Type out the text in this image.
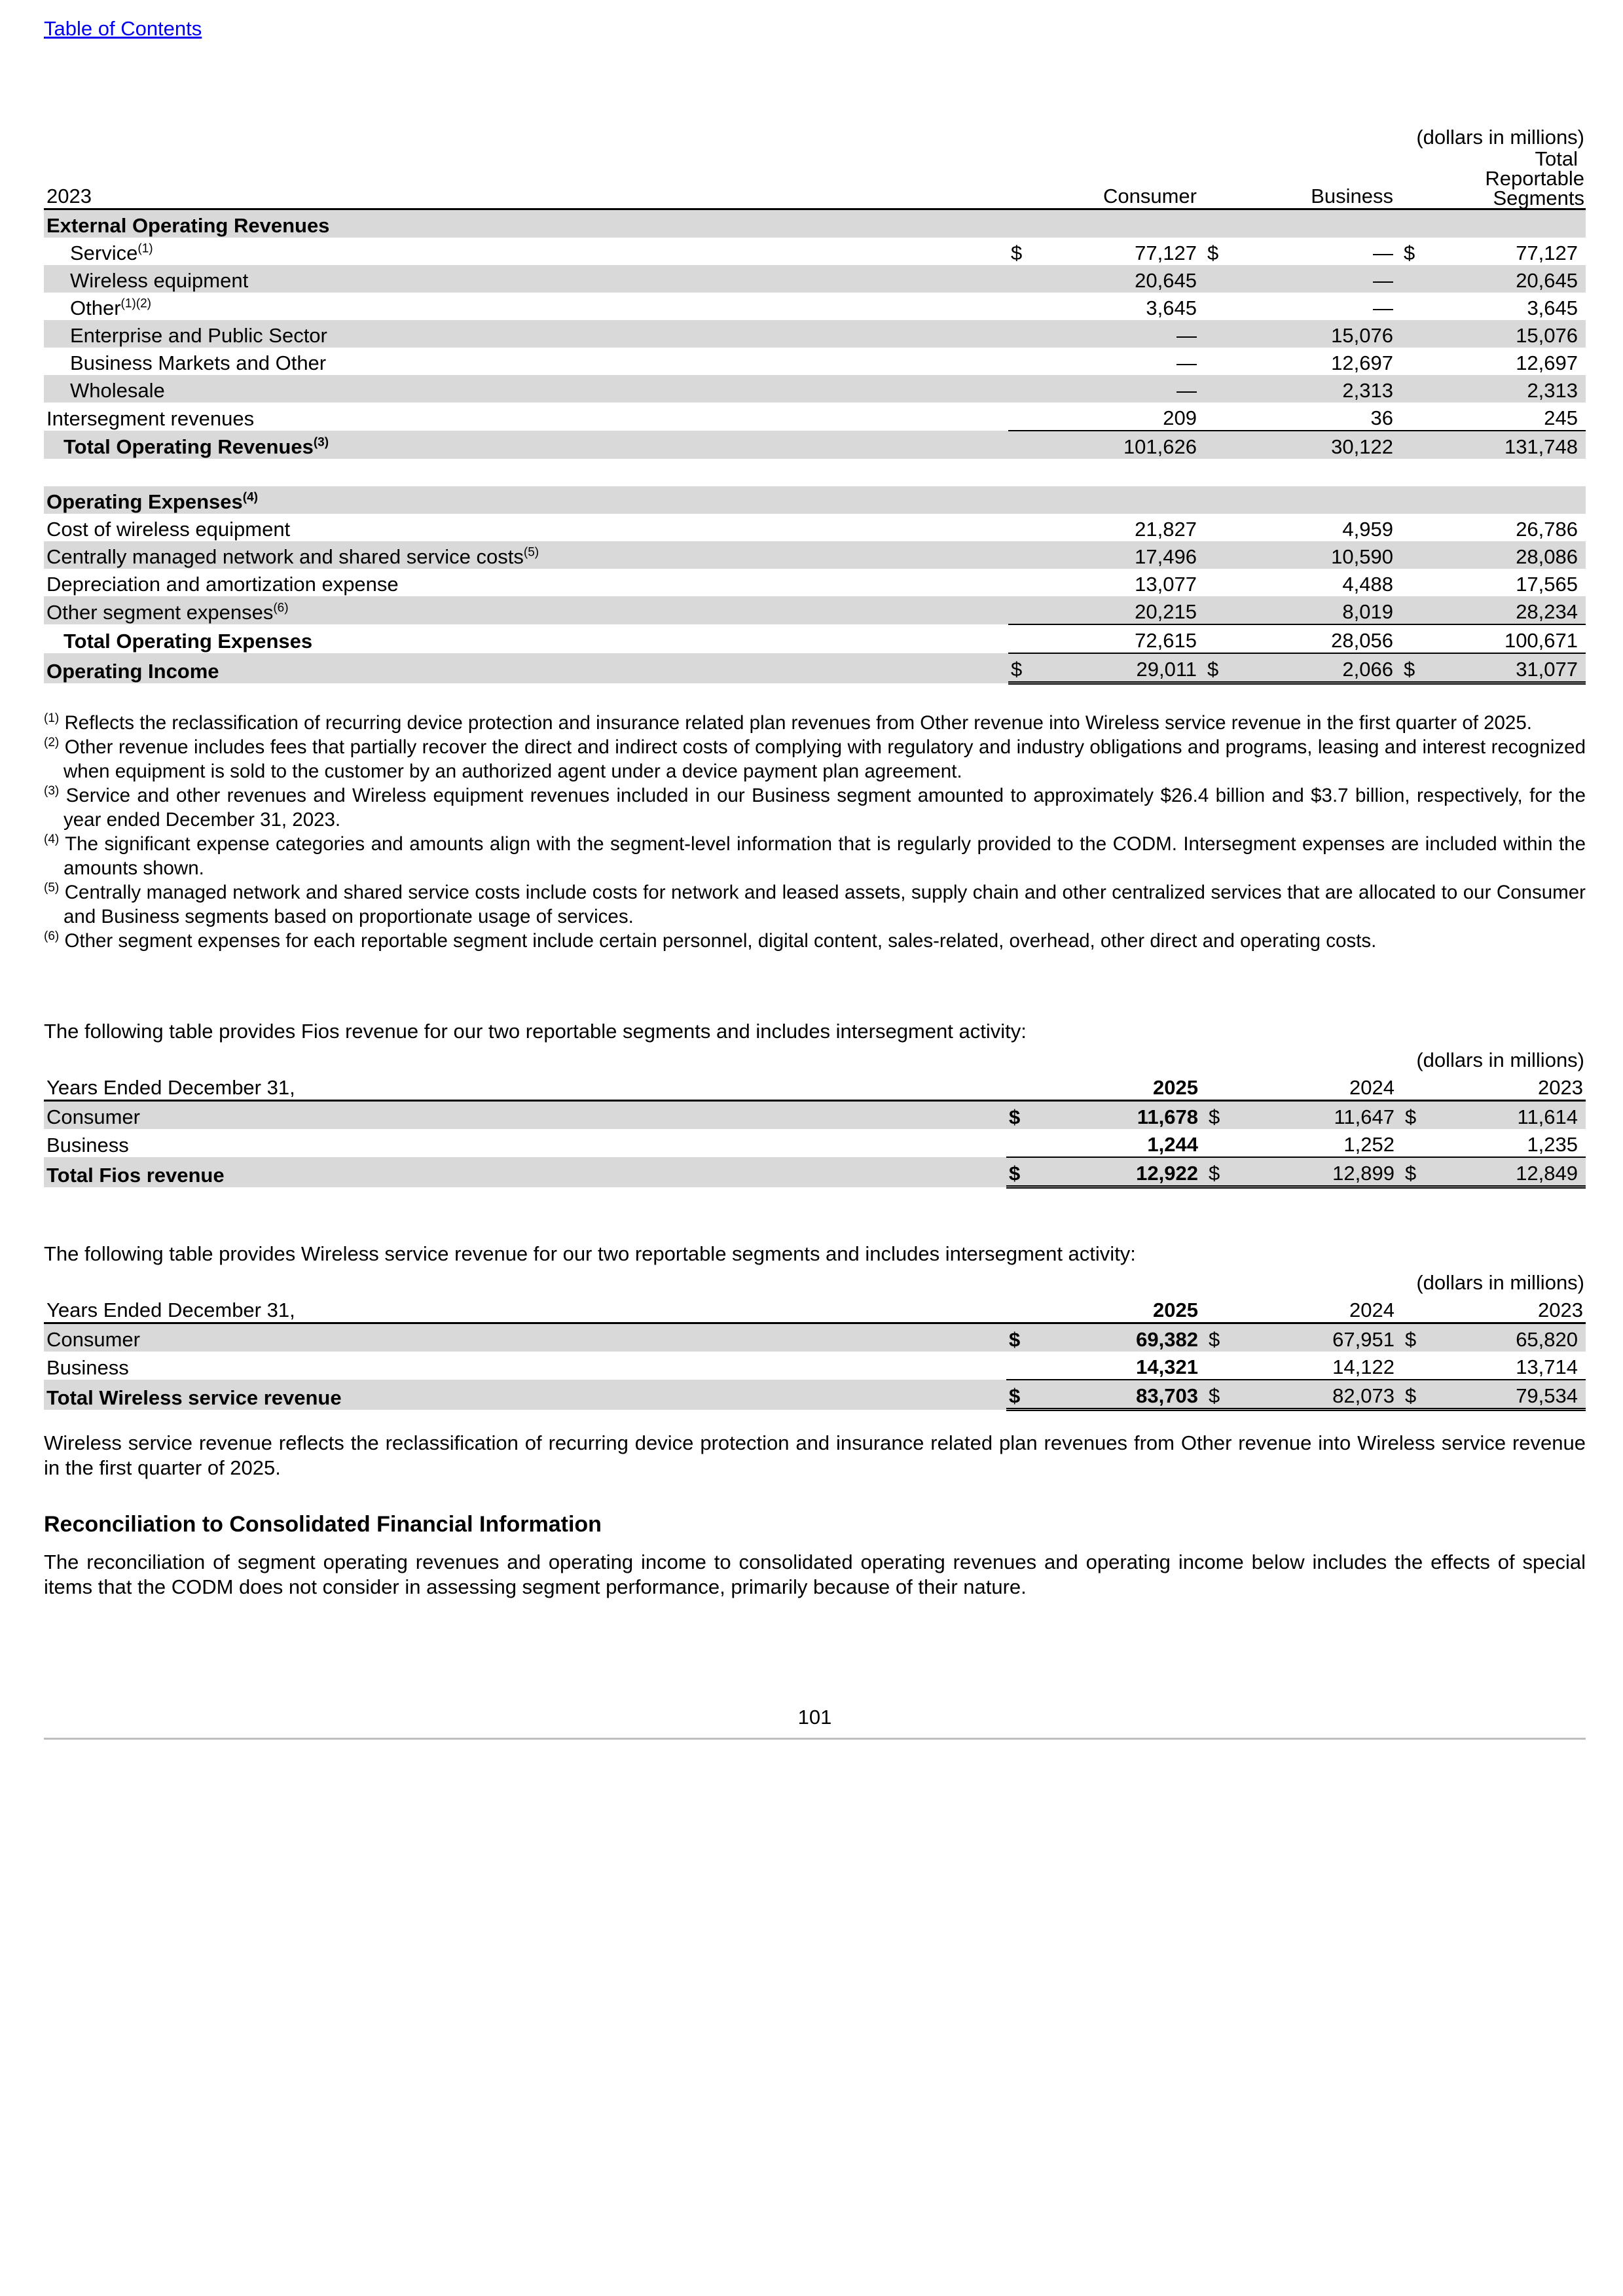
Table of Contents
(dollars in millions)						
2023		Consumer		Business		Total
Reportable
Segments

External Operating Revenues						
Service$^{(1)}$	$	77,127	$	—	$	77,127
Wireless equipment		20,645		—		20,645
Other$^{(1)(2)}$		3,645		—		3,645
Enterprise and Public Sector		—		15,076		15,076
Business Markets and Other		—		12,697		12,697
Wholesale		—		2,313		2,313
Intersegment revenues		209		36		245
Total Operating Revenues$^{(3)}$		101,626		30,122		131,748

Operating Expenses$^{(4)}$
Cost of wireless equipment		21,827		4,959		26,786
Centrally managed network and shared service costs$^{(5)}$		17,496		10,590		28,086
Depreciation and amortization expense		13,077		4,488		17,565
Other segment expenses$^{(6)}$		20,215		8,019		28,234
Total Operating Expenses		72,615		28,056		100,671
Operating Income	$	29,011	$	2,066	$	31,077

$^{(1)}$ Reflects the reclassification of recurring device protection and insurance related plan revenues from Other revenue into Wireless service revenue in the first quarter of 2025.

$^{(2)}$ Other revenue includes fees that partially recover the direct and indirect costs of complying with regulatory and industry obligations and programs, leasing and interest recognized when equipment is sold to the customer by an authorized agent under a device payment plan agreement.

$^{(3)}$ Service and other revenues and Wireless equipment revenues included in our Business segment amounted to approximately $26.4 billion and $3.7 billion, respectively, for the year ended December 31, 2023.

$^{(4)}$ The significant expense categories and amounts align with the segment-level information that is regularly provided to the CODM. Intersegment expenses are included within the amounts shown.

$^{(5)}$ Centrally managed network and shared service costs include costs for network and leased assets, supply chain and other centralized services that are allocated to our Consumer and Business segments based on proportionate usage of services.

$^{(6)}$ Other segment expenses for each reportable segment include certain personnel, digital content, sales-related, overhead, other direct and operating costs.

The following table provides Fios revenue for our two reportable segments and includes intersegment activity:

(dollars in millions)						
Years Ended December 31,		2025		2024		2023
Consumer	$	11,678	$	11,647	$	11,614
Business		1,244		1,252		1,235
Total Fios revenue	$	12,922	$	12,899	$	12,849

The following table provides Wireless service revenue for our two reportable segments and includes intersegment activity:

(dollars in millions)						
Years Ended December 31,		2025		2024		2023
Consumer	$	69,382	$	67,951	$	65,820
Business		14,321		14,122		13,714
Total Wireless service revenue	$	83,703	$	82,073	$	79,534

Wireless service revenue reflects the reclassification of recurring device protection and insurance related plan revenues from Other revenue into Wireless service revenue in the first quarter of 2025.

Reconciliation to Consolidated Financial Information

The reconciliation of segment operating revenues and operating income to consolidated operating revenues and operating income below includes the effects of special items that the CODM does not consider in assessing segment performance, primarily because of their nature.

101
